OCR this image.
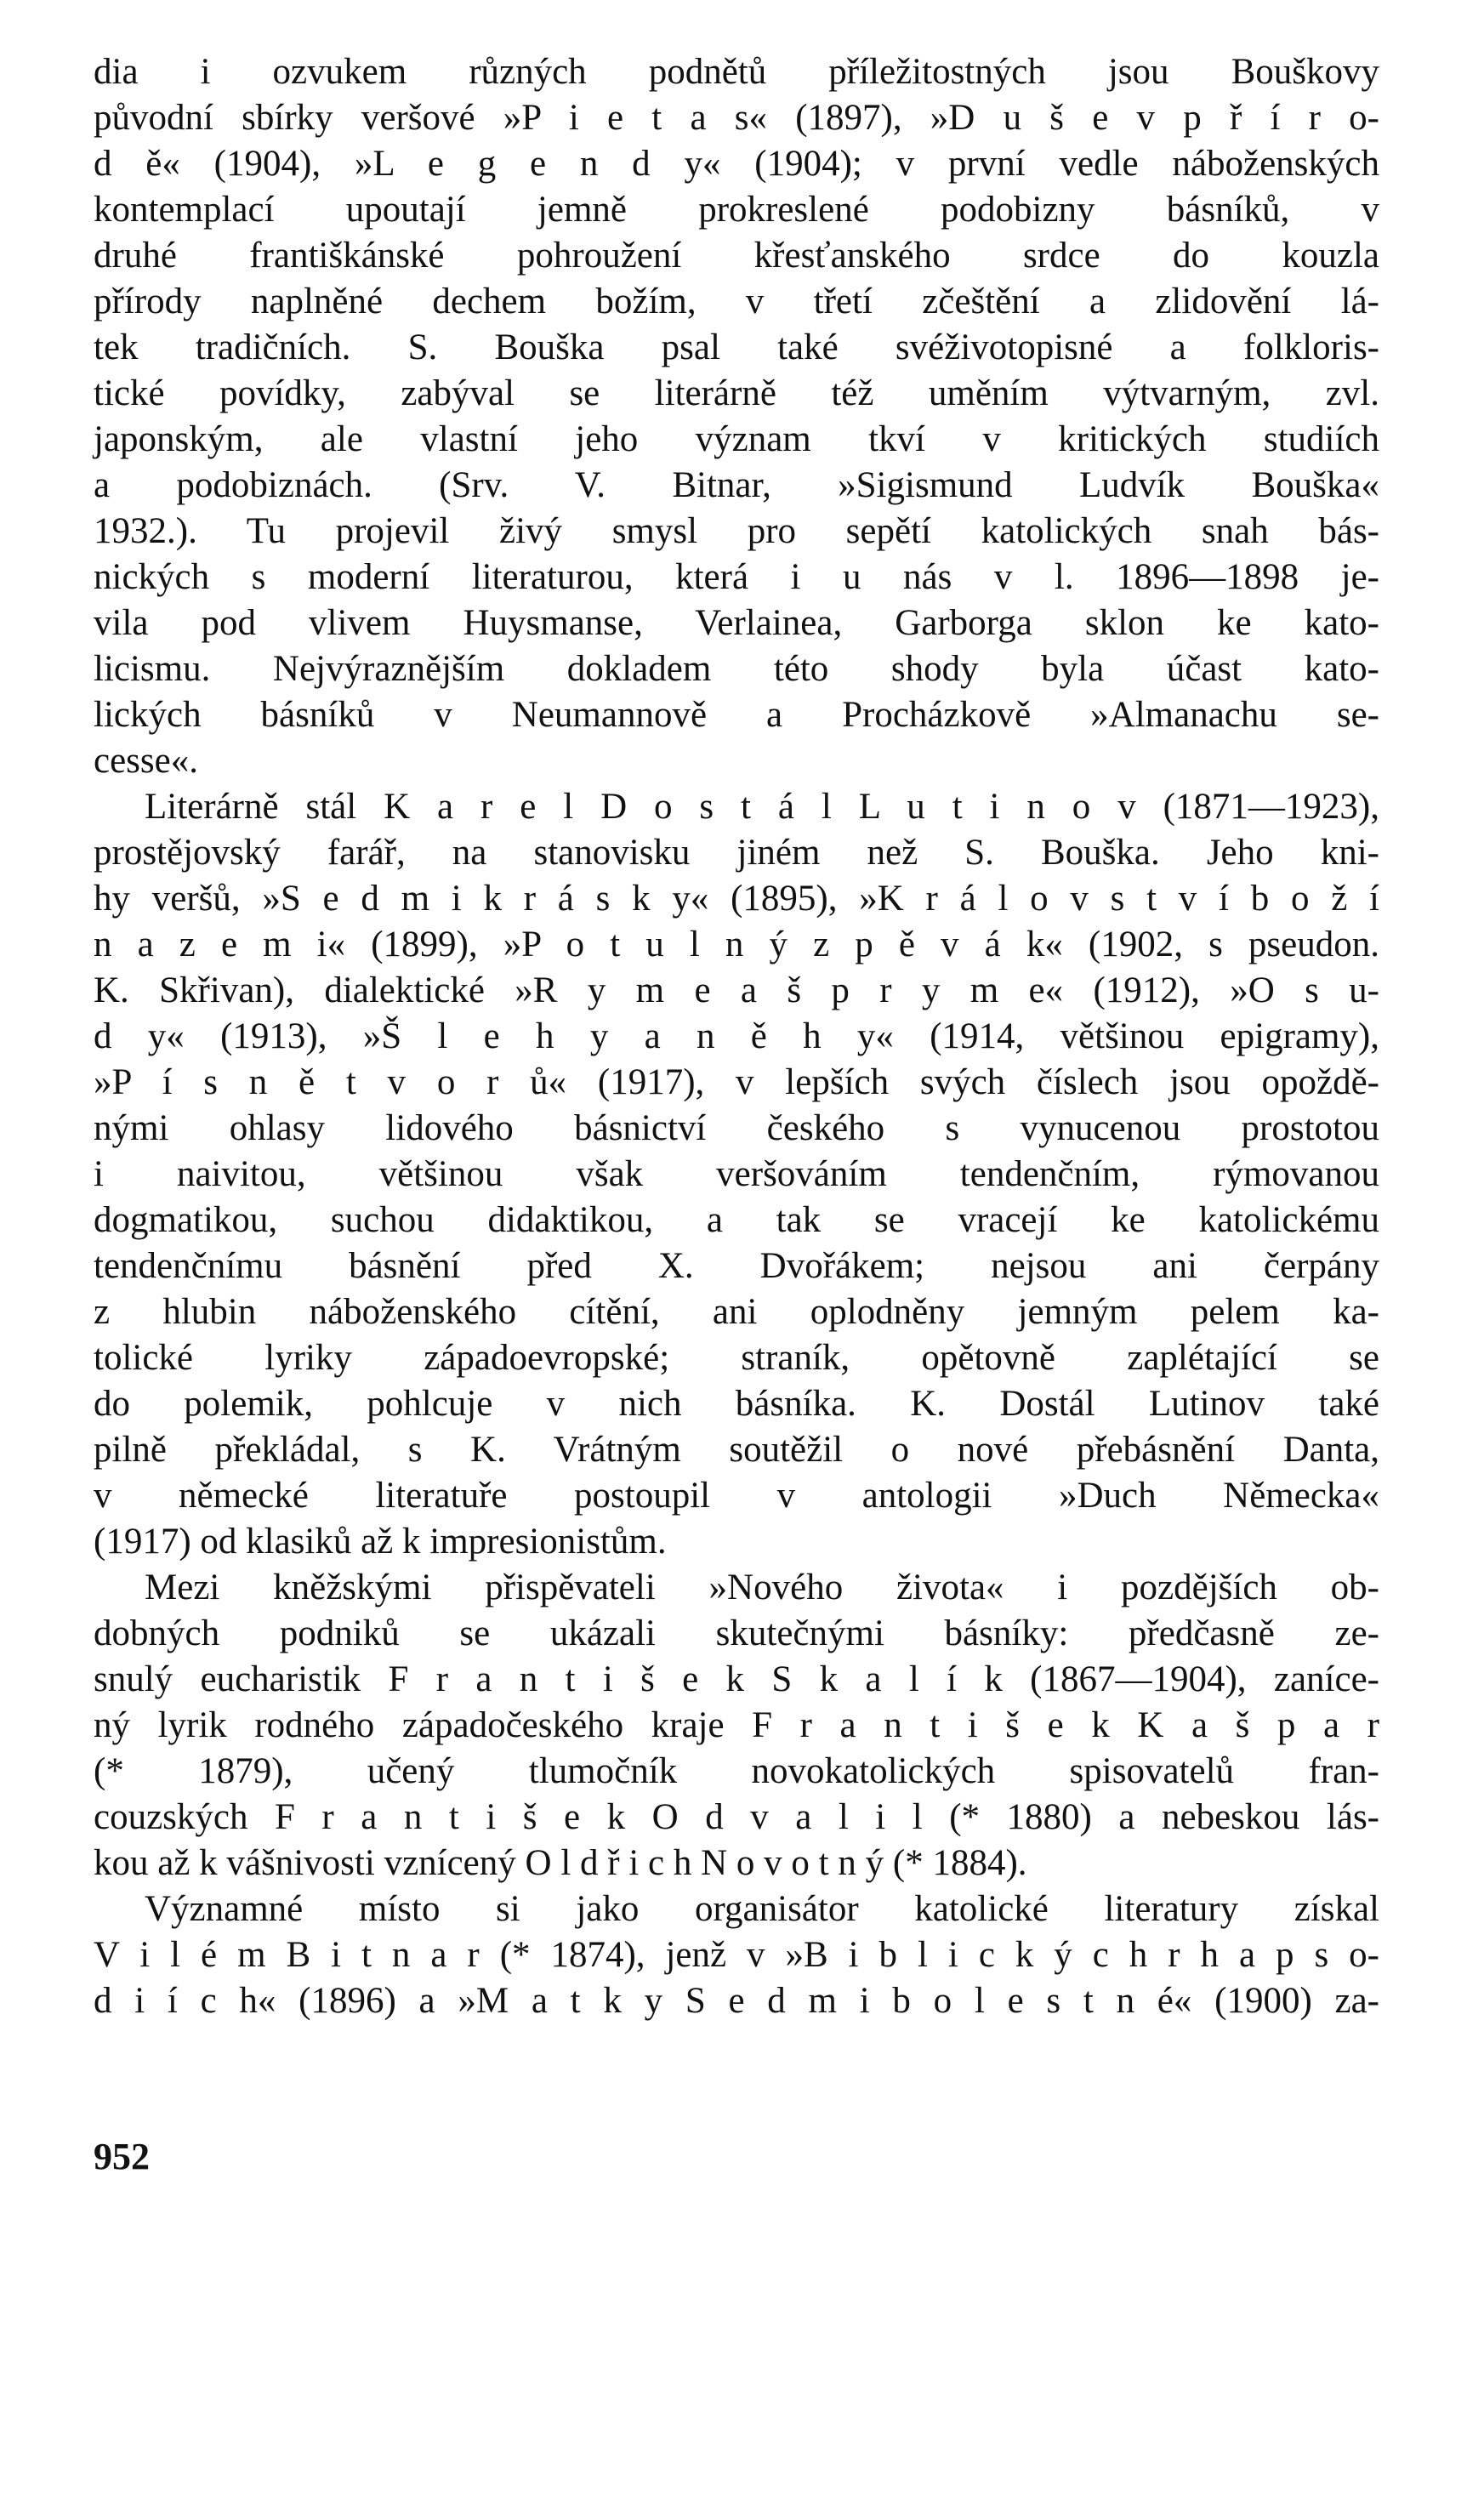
dia i ozvukem různých podnětů příležitostných jsou Bouškovy
původní sbírky veršové »P i e t a s« (1897), »D u š e v p ř í r o-
d ě« (1904), »L e g e n d y« (1904); v první vedle náboženských
kontemplací upoutají jemně prokreslené podobizny básníků, v
druhé františkánské pohroužení křesťanského srdce do kouzla
přírody naplněné dechem božím, v třetí zčeštění a zlidovění lá-
tek tradičních. S. Bouška psal také svéživotopisné a folkloris-
tické povídky, zabýval se literárně též uměním výtvarným, zvl.
japonským, ale vlastní jeho význam tkví v kritických studiích
a podobiznách. (Srv. V. Bitnar, »Sigismund Ludvík Bouška«
1932.). Tu projevil živý smysl pro sepětí katolických snah bás-
nických s moderní literaturou, která i u nás v l. 1896—1898 je-
vila pod vlivem Huysmanse, Verlainea, Garborga sklon ke kato-
licismu. Nejvýraznějším dokladem této shody byla účast kato-
lických básníků v Neumannově a Procházkově »Almanachu se-
cesse«.
Literárně stál K a r e l D o s t á l L u t i n o v (1871—1923),
prostějovský farář, na stanovisku jiném než S. Bouška. Jeho kni-
hy veršů, »S e d m i k r á s k y« (1895), »K r á l o v s t v í b o ž í
n a z e m i« (1899), »P o t u l n ý z p ě v á k« (1902, s pseudon.
K. Skřivan), dialektické »R y m e a š p r y m e« (1912), »O s u-
d y« (1913), »Š l e h y a n ě h y« (1914, většinou epigramy),
»P í s n ě t v o r ů« (1917), v lepších svých číslech jsou opoždě-
nými ohlasy lidového básnictví českého s vynucenou prostotou
i naivitou, většinou však veršováním tendenčním, rýmovanou
dogmatikou, suchou didaktikou, a tak se vracejí ke katolickému
tendenčnímu básnění před X. Dvořákem; nejsou ani čerpány
z hlubin náboženského cítění, ani oplodněny jemným pelem ka-
tolické lyriky západoevropské; straník, opětovně zaplétající se
do polemik, pohlcuje v nich básníka. K. Dostál Lutinov také
pilně překládal, s K. Vrátným soutěžil o nové přebásnění Danta,
v německé literatuře postoupil v antologii »Duch Německa«
(1917) od klasiků až k impresionistům.
Mezi kněžskými přispěvateli »Nového života« i pozdějších ob-
dobných podniků se ukázali skutečnými básníky: předčasně ze-
snulý eucharistik F r a n t i š e k S k a l í k (1867—1904), zaníce-
ný lyrik rodného západočeského kraje F r a n t i š e k K a š p a r
(* 1879), učený tlumočník novokatolických spisovatelů fran-
couzských F r a n t i š e k O d v a l i l (* 1880) a nebeskou lás-
kou až k vášnivosti vznícený O l d ř i c h N o v o t n ý (* 1884).
Významné místo si jako organisátor katolické literatury získal
V i l é m B i t n a r (* 1874), jenž v »B i b l i c k ý c h r h a p s o-
d i í c h« (1896) a »M a t k y S e d m i b o l e s t n é« (1900) za-
952
